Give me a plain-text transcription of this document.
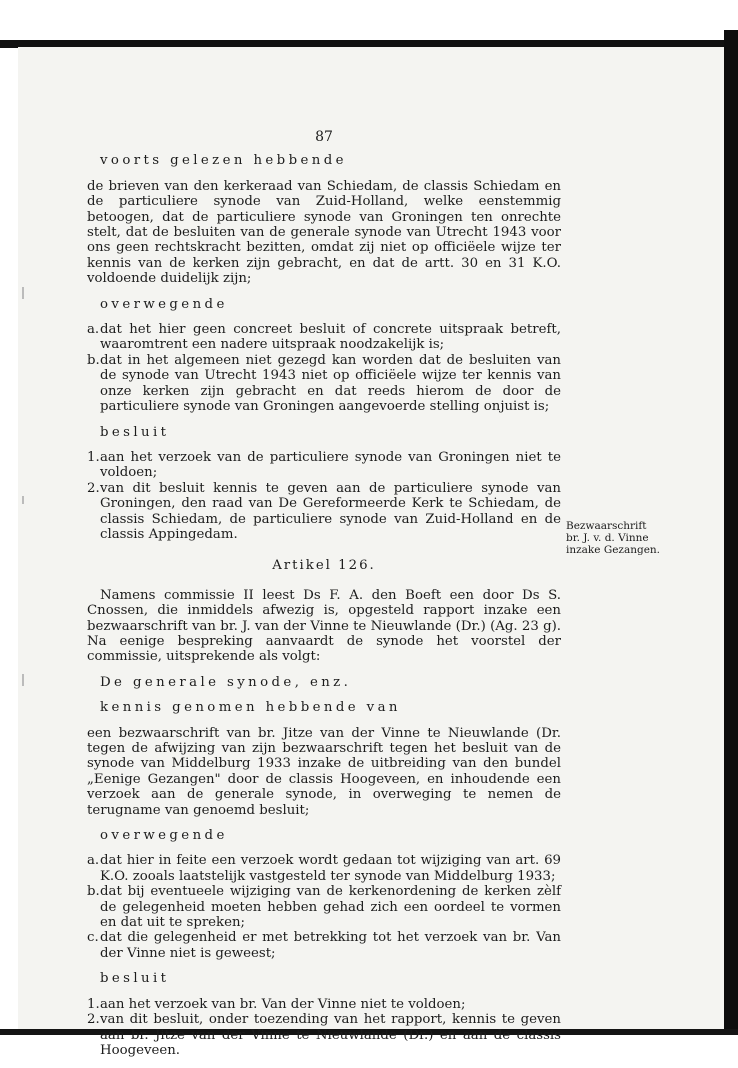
87
voorts gelezen hebbende

de brieven van den kerkeraad van Schiedam, de classis Schiedam en de particuliere synode van Zuid-Holland, welke eenstemmig betoogen, dat de particuliere synode van Groningen ten onrechte stelt, dat de besluiten van de generale synode van Utrecht 1943 voor ons geen rechtskracht bezitten, omdat zij niet op officiëele wijze ter kennis van de kerken zijn gebracht, en dat de artt. 30 en 31 K.O. voldoende duidelijk zijn;

overwegende
a. dat het hier geen concreet besluit of concrete uitspraak betreft, waaromtrent een nadere uitspraak noodzakelijk is;
b. dat in het algemeen niet gezegd kan worden dat de besluiten van de synode van Utrecht 1943 niet op officiëele wijze ter kennis van onze kerken zijn gebracht en dat reeds hierom de door de particuliere synode van Groningen aangevoerde stelling onjuist is;
besluit
1. aan het verzoek van de particuliere synode van Groningen niet te voldoen;
2. van dit besluit kennis te geven aan de particuliere synode van Groningen, den raad van De Gereformeerde Kerk te Schiedam, de classis Schiedam, de particuliere synode van Zuid-Holland en de classis Appingedam.
Artikel 126.

Namens commissie II leest Ds F. A. den Boeft een door Ds S. Cnossen, die inmiddels afwezig is, opgesteld rapport inzake een bezwaarschrift van br. J. van der Vinne te Nieuwlande (Dr.) (Ag. 23 g). Na eenige bespreking aanvaardt de synode het voorstel der commissie, uitsprekende als volgt:

De generale synode, enz.
kennis genomen hebbende van

een bezwaarschrift van br. Jitze van der Vinne te Nieuwlande (Dr. tegen de afwijzing van zijn bezwaarschrift tegen het besluit van de synode van Middelburg 1933 inzake de uitbreiding van den bundel „Eenige Gezangen" door de classis Hoogeveen, en inhoudende een verzoek aan de generale synode, in overweging te nemen de terugname van genoemd besluit;

overwegende
a. dat hier in feite een verzoek wordt gedaan tot wijziging van art. 69 K.O. zooals laatstelijk vastgesteld ter synode van Middelburg 1933;
b. dat bij eventueele wijziging van de kerkenordening de kerken zèlf de gelegenheid moeten hebben gehad zich een oordeel te vormen en dat uit te spreken;
c. dat die gelegenheid er met betrekking tot het verzoek van br. Van der Vinne niet is geweest;
besluit
1. aan het verzoek van br. Van der Vinne niet te voldoen;
2. van dit besluit, onder toezending van het rapport, kennis te geven aan br. Jitze van der Vinne te Nieuwlande (Dr.) en aan de classis Hoogeveen.
Bezwaarschrift
br. J. v. d. Vinne
inzake Gezangen.
